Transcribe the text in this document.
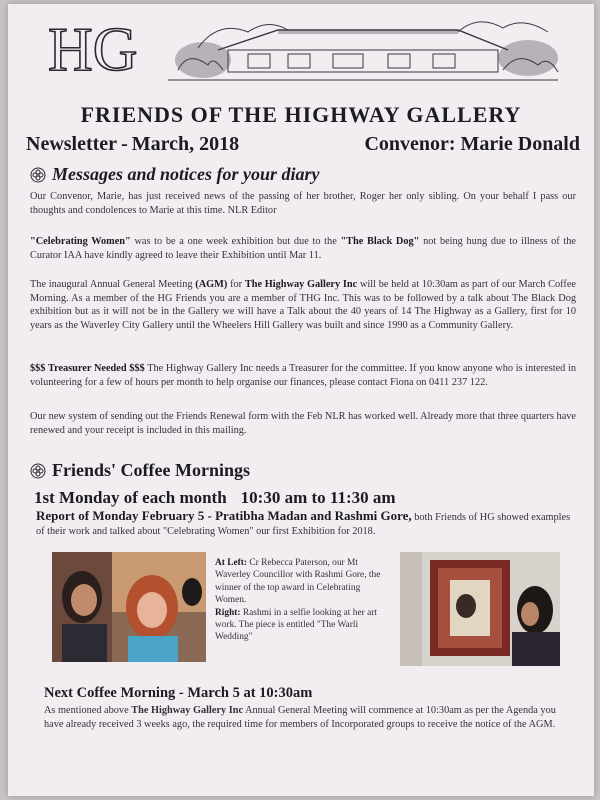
HG
FRIENDS OF THE HIGHWAY GALLERY
Newsletter - March, 2018	Convenor: Marie Donald
Messages and notices for your diary
Our Convenor, Marie, has just received news of the passing of her brother, Roger her only sibling. On your behalf I pass our thoughts and condolences to Marie at this time. NLR Editor
"Celebrating Women" was to be a one week exhibition but due to the "The Black Dog" not being hung due to illness of the Curator IAA have kindly agreed to leave their Exhibition until Mar 11.
The inaugural Annual General Meeting (AGM) for The Highway Gallery Inc will be held at 10:30am as part of our March Coffee Morning. As a member of the HG Friends you are a member of THG Inc. This was to be followed by a talk about The Black Dog exhibition but as it will not be in the Gallery we will have a Talk about the 40 years of 14 The Highway as a Gallery, first for 10 years as the Waverley City Gallery until the Wheelers Hill Gallery was built and since 1990 as a Community Gallery.
$$$ Treasurer Needed $$$ The Highway Gallery Inc needs a Treasurer for the committee. If you know anyone who is interested in volunteering for a few of hours per month to help organise our finances, please contact Fiona on 0411 237 122.
Our new system of sending out the Friends Renewal form with the Feb NLR has worked well. Already more that three quarters have renewed and your receipt is included in this mailing.
Friends' Coffee Mornings
1st Monday of each month 10:30 am to 11:30 am
Report of Monday February 5 - Pratibha Madan and Rashmi Gore, both Friends of HG showed examples of their work and talked about "Celebrating Women" our first Exhibition for 2018.
At Left: Cr Rebecca Paterson, our Mt Waverley Councillor with Rashmi Gore, the winner of the top award in Celebrating Women.
Right: Rashmi in a selfie looking at her art work. The piece is entitled "The Warli Wedding"
Next Coffee Morning - March 5 at 10:30am
As mentioned above The Highway Gallery Inc Annual General Meeting will commence at 10:30am as per the Agenda you have already received 3 weeks ago, the required time for members of Incorporated groups to receive the notice of the AGM.
